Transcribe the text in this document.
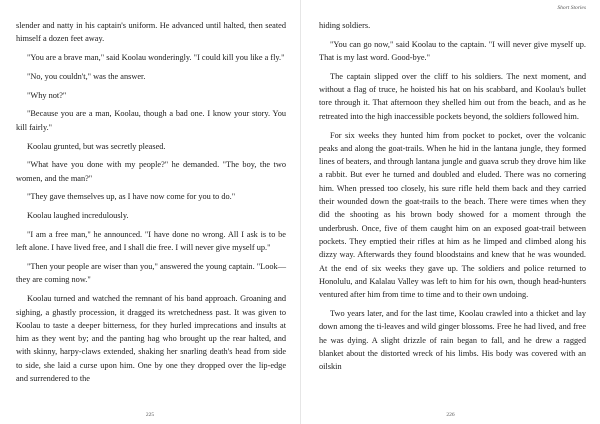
slender and natty in his captain's uniform. He advanced until halted, then seated himself a dozen feet away.

"You are a brave man," said Koolau wonderingly. "I could kill you like a fly."

"No, you couldn't," was the answer.

"Why not?"

"Because you are a man, Koolau, though a bad one. I know your story. You kill fairly."

Koolau grunted, but was secretly pleased.

"What have you done with my people?" he demanded. "The boy, the two women, and the man?"

"They gave themselves up, as I have now come for you to do."

Koolau laughed incredulously.

"I am a free man," he announced. "I have done no wrong. All I ask is to be left alone. I have lived free, and I shall die free. I will never give myself up."

"Then your people are wiser than you," answered the young captain. "Look—they are coming now."

Koolau turned and watched the remnant of his band approach. Groaning and sighing, a ghastly procession, it dragged its wretchedness past. It was given to Koolau to taste a deeper bitterness, for they hurled imprecations and insults at him as they went by; and the panting hag who brought up the rear halted, and with skinny, harpy-claws extended, shaking her snarling death's head from side to side, she laid a curse upon him. One by one they dropped over the lip-edge and surrendered to the

225
Short Stories

hiding soldiers.

"You can go now," said Koolau to the captain. "I will never give myself up. That is my last word. Good-bye."

The captain slipped over the cliff to his soldiers. The next moment, and without a flag of truce, he hoisted his hat on his scabbard, and Koolau's bullet tore through it. That afternoon they shelled him out from the beach, and as he retreated into the high inaccessible pockets beyond, the soldiers followed him.

For six weeks they hunted him from pocket to pocket, over the volcanic peaks and along the goat-trails. When he hid in the lantana jungle, they formed lines of beaters, and through lantana jungle and guava scrub they drove him like a rabbit. But ever he turned and doubled and eluded. There was no cornering him. When pressed too closely, his sure rifle held them back and they carried their wounded down the goat-trails to the beach. There were times when they did the shooting as his brown body showed for a moment through the underbrush. Once, five of them caught him on an exposed goat-trail between pockets. They emptied their rifles at him as he limped and climbed along his dizzy way. Afterwards they found bloodstains and knew that he was wounded. At the end of six weeks they gave up. The soldiers and police returned to Honolulu, and Kalalau Valley was left to him for his own, though head-hunters ventured after him from time to time and to their own undoing.

Two years later, and for the last time, Koolau crawled into a thicket and lay down among the ti-leaves and wild ginger blossoms. Free he had lived, and free he was dying. A slight drizzle of rain began to fall, and he drew a ragged blanket about the distorted wreck of his limbs. His body was covered with an oilskin

226
